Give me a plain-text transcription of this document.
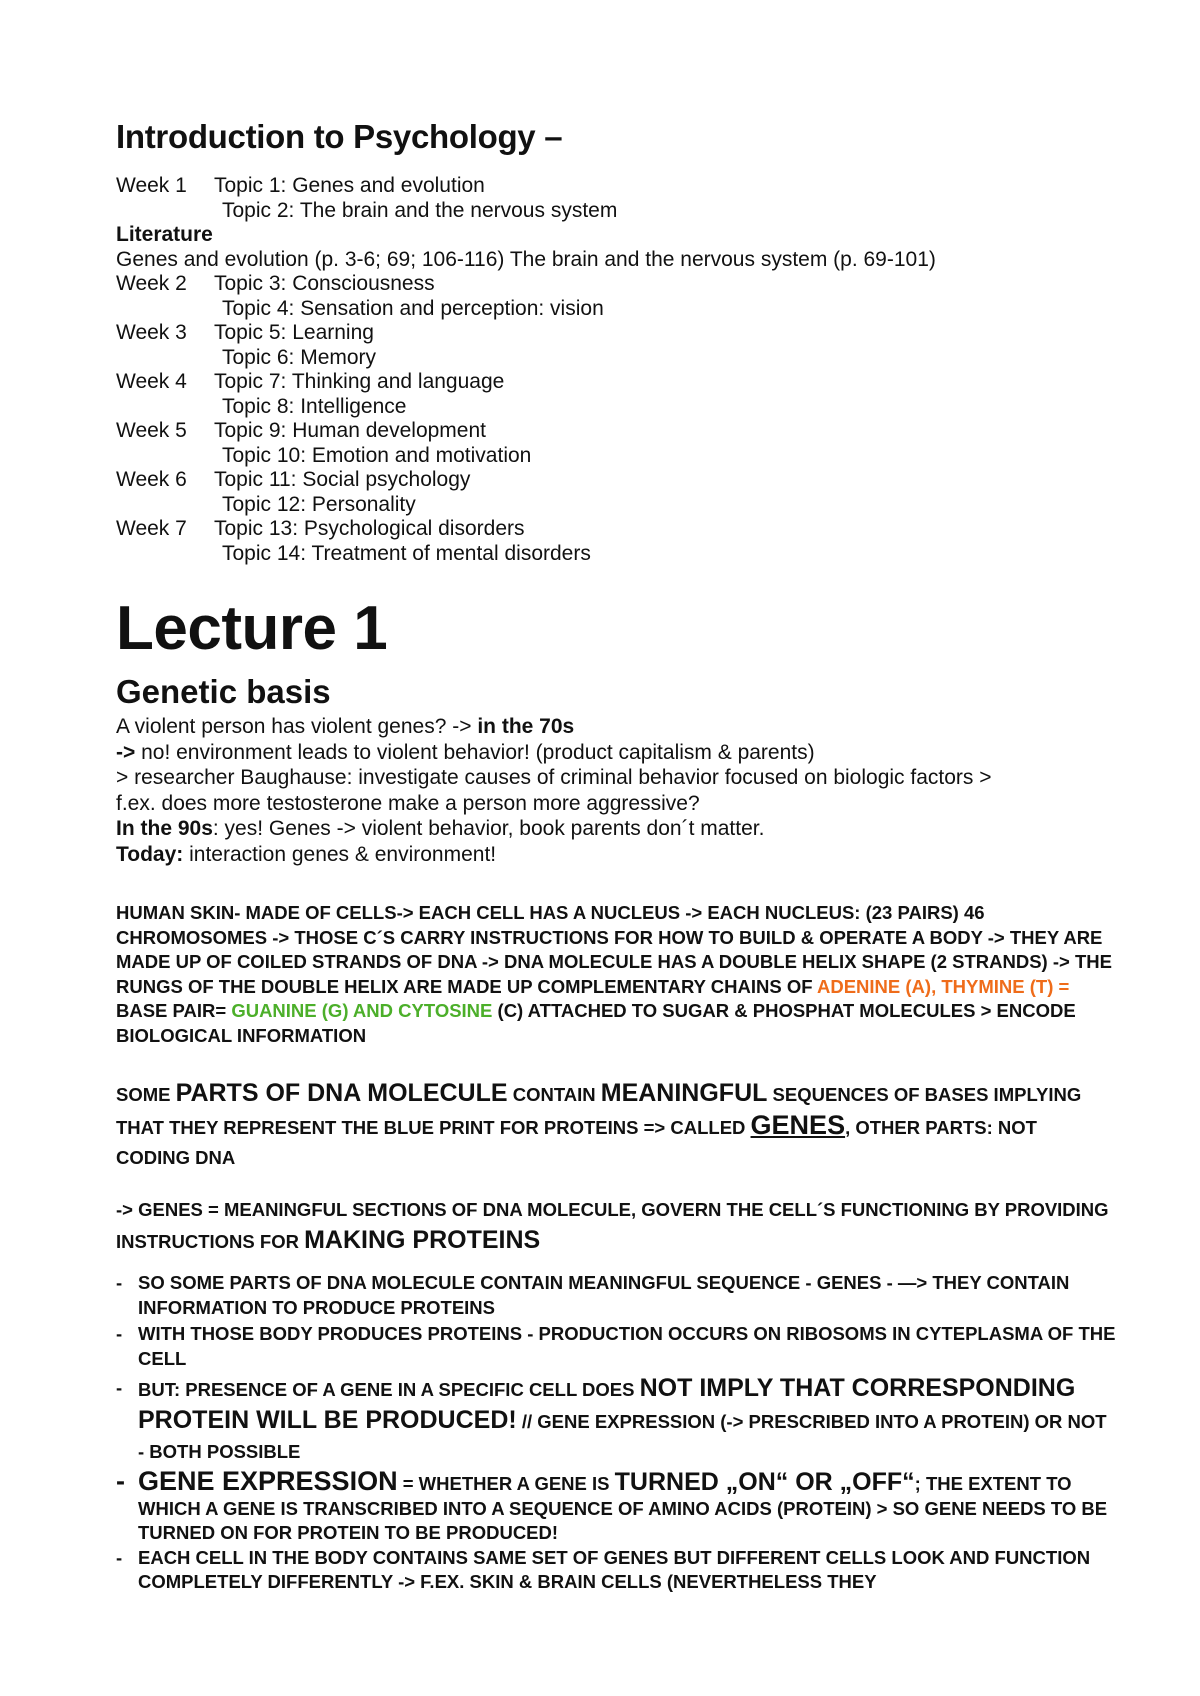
Introduction to Psychology –
Week 1	Topic 1: Genes and evolution
Topic 2: The brain and the nervous system
Literature
Genes and evolution (p. 3-6; 69; 106-116) The brain and the nervous system (p. 69-101)
Week 2	Topic 3: Consciousness
Topic 4: Sensation and perception: vision
Week 3	Topic 5: Learning
Topic 6: Memory
Week 4	Topic 7: Thinking and language
Topic 8: Intelligence
Week 5	Topic 9: Human development
Topic 10: Emotion and motivation
Week 6	Topic 11: Social psychology
Topic 12: Personality
Week 7	Topic 13: Psychological disorders
Topic 14: Treatment of mental disorders
Lecture 1
Genetic basis

A violent person has violent genes? -> in the 70s

-> no! environment leads to violent behavior! (product capitalism & parents)

> researcher Baughause: investigate causes of criminal behavior focused on biologic factors >

f.ex. does more testosterone make a person more aggressive?

In the 90s: yes! Genes -> violent behavior, book parents don´t matter.

Today: interaction genes & environment!

HUMAN SKIN- MADE OF CELLS-> EACH CELL HAS A NUCLEUS -> EACH NUCLEUS: (23 PAIRS) 46 CHROMOSOMES -> THOSE C´S CARRY INSTRUCTIONS FOR HOW TO BUILD & OPERATE A BODY -> THEY ARE MADE UP OF COILED STRANDS OF DNA -> DNA MOLECULE HAS A DOUBLE HELIX SHAPE (2 STRANDS) -> THE RUNGS OF THE DOUBLE HELIX ARE MADE UP COMPLEMENTARY CHAINS OF ADENINE (A), THYMINE (T) = BASE PAIR= GUANINE (G) AND CYTOSINE (C) ATTACHED TO SUGAR & PHOSPHAT MOLECULES > ENCODE BIOLOGICAL INFORMATION
SOME PARTS OF DNA MOLECULE CONTAIN MEANINGFUL SEQUENCES OF BASES IMPLYING THAT THEY REPRESENT THE BLUE PRINT FOR PROTEINS => CALLED GENES, OTHER PARTS: NOT CODING DNA
-> GENES = MEANINGFUL SECTIONS OF DNA MOLECULE, GOVERN THE CELL´S FUNCTIONING BY PROVIDING INSTRUCTIONS FOR MAKING PROTEINS
- SO SOME PARTS OF DNA MOLECULE CONTAIN MEANINGFUL SEQUENCE - GENES - —> THEY CONTAIN INFORMATION TO PRODUCE PROTEINS
- WITH THOSE BODY PRODUCES PROTEINS - PRODUCTION OCCURS ON RIBOSOMS IN CYTEPLASMA OF THE CELL
- BUT: PRESENCE OF A GENE IN A SPECIFIC CELL DOES NOT IMPLY THAT CORRESPONDING PROTEIN WILL BE PRODUCED! // GENE EXPRESSION (-> PRESCRIBED INTO A PROTEIN) OR NOT - BOTH POSSIBLE
- GENE EXPRESSION = WHETHER A GENE IS TURNED „ON“ OR „OFF“; THE EXTENT TO WHICH A GENE IS TRANSCRIBED INTO A SEQUENCE OF AMINO ACIDS (PROTEIN) > SO GENE NEEDS TO BE TURNED ON FOR PROTEIN TO BE PRODUCED!
- EACH CELL IN THE BODY CONTAINS SAME SET OF GENES BUT DIFFERENT CELLS LOOK AND FUNCTION COMPLETELY DIFFERENTLY -> F.EX. SKIN & BRAIN CELLS (NEVERTHELESS THEY
